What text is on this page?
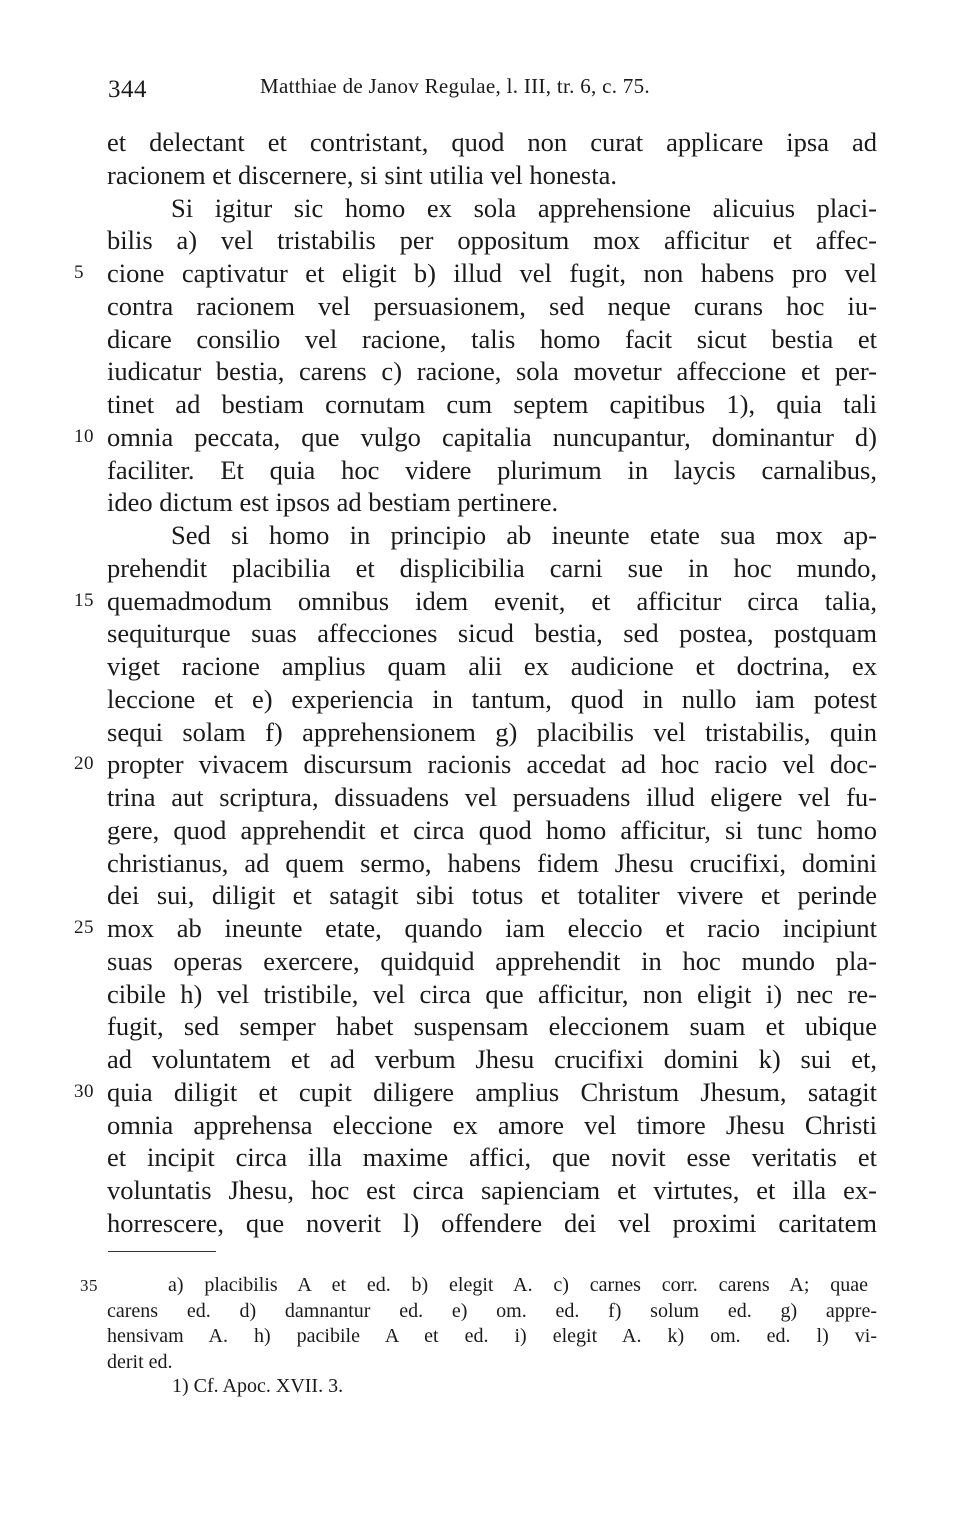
344	Matthiae de Janov Regulae, l. III, tr. 6, c. 75.
et delectant et contristant, quod non curat applicare ipsa ad
racionem et discernere, si sint utilia vel honesta.
Si igitur sic homo ex sola apprehensione alicuius placi-
bilis a) vel tristabilis per oppositum mox afficitur et affec-
5 cione captivatur et eligit b) illud vel fugit, non habens pro vel
contra racionem vel persuasionem, sed neque curans hoc iu-
dicare consilio vel racione, talis homo facit sicut bestia et
iudicatur bestia, carens c) racione, sola movetur affeccione et per-
tinet ad bestiam cornutam cum septem capitibus 1), quia tali
10 omnia peccata, que vulgo capitalia nuncupantur, dominantur d)
faciliter. Et quia hoc videre plurimum in laycis carnalibus,
ideo dictum est ipsos ad bestiam pertinere.
Sed si homo in principio ab ineunte etate sua mox ap-
prehendit placibilia et displicibilia carni sue in hoc mundo,
15 quemadmodum omnibus idem evenit, et afficitur circa talia,
sequiturque suas affecciones sicud bestia, sed postea, postquam
viget racione amplius quam alii ex audicione et doctrina, ex
leccione et e) experiencia in tantum, quod in nullo iam potest
sequi solam f) apprehensionem g) placibilis vel tristabilis, quin
20 propter vivacem discursum racionis accedat ad hoc racio vel doc-
trina aut scriptura, dissuadens vel persuadens illud eligere vel fu-
gere, quod apprehendit et circa quod homo afficitur, si tunc homo
christianus, ad quem sermo, habens fidem Jhesu crucifixi, domini
dei sui, diligit et satagit sibi totus et totaliter vivere et perinde
25 mox ab ineunte etate, quando iam eleccio et racio incipiunt
suas operas exercere, quidquid apprehendit in hoc mundo pla-
cibile h) vel tristibile, vel circa que afficitur, non eligit i) nec re-
fugit, sed semper habet suspensam eleccionem suam et ubique
ad voluntatem et ad verbum Jhesu crucifixi domini k) sui et,
30 quia diligit et cupit diligere amplius Christum Jhesum, satagit
omnia apprehensa eleccione ex amore vel timore Jhesu Christi
et incipit circa illa maxime affici, que novit esse veritatis et
voluntatis Jhesu, hoc est circa sapienciam et virtutes, et illa ex-
horrescere, que noverit l) offendere dei vel proximi caritatem
35	a) placibilis A et ed. b) elegit A. c) carnes corr. carens A; quae
carens ed. d) damnantur ed. e) om. ed. f) solum ed. g) appre-
hensivam A. h) pacibile A et ed. i) elegit A. k) om. ed. l) vi-
derit ed.
1) Cf. Apoc. XVII. 3.
